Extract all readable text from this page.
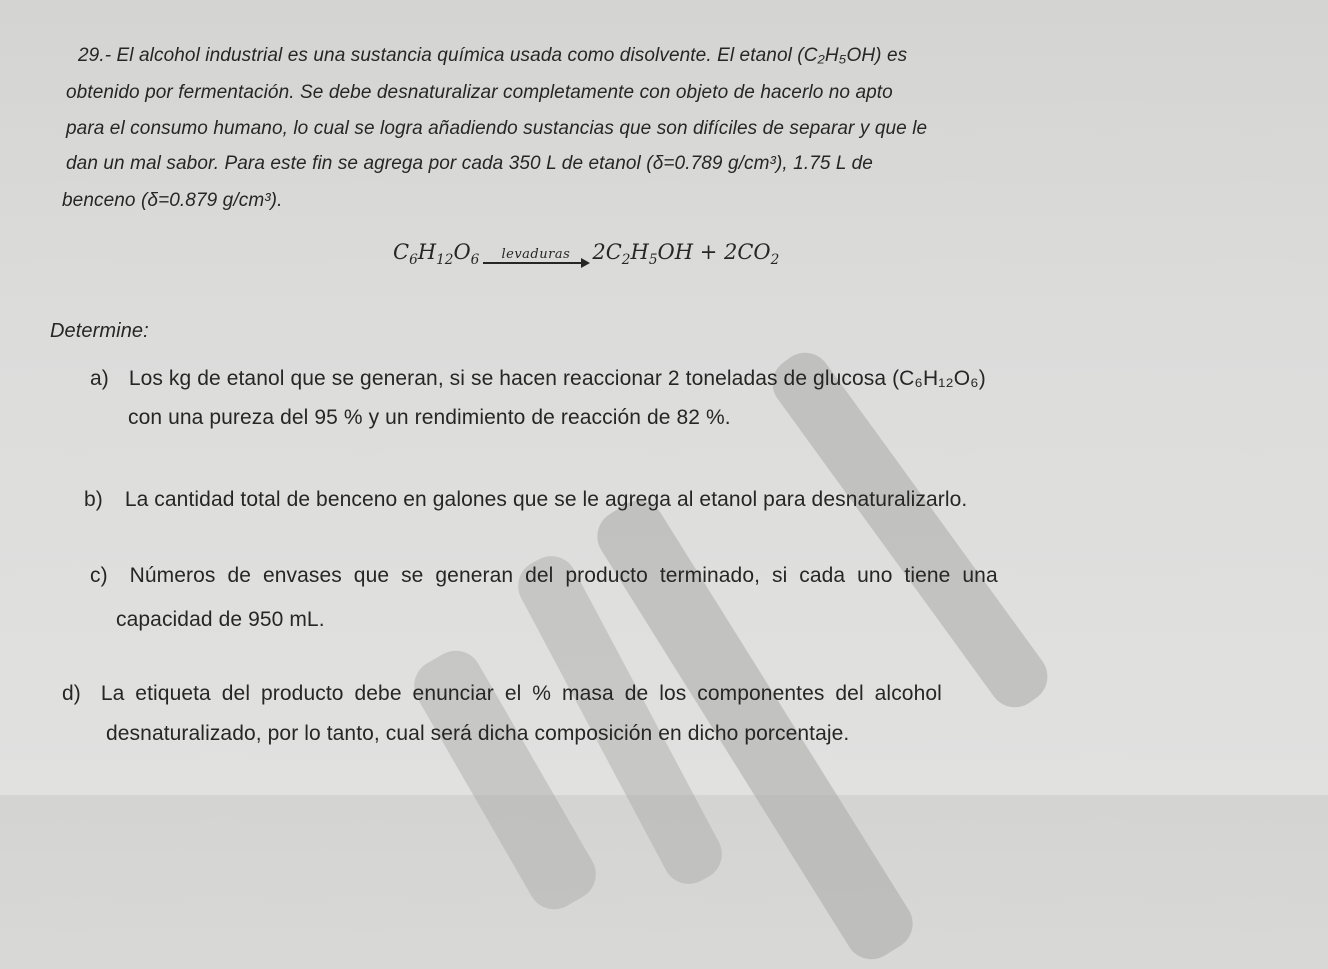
29.- El alcohol industrial es una sustancia química usada como disolvente. El etanol (C₂H₅OH) es
obtenido por fermentación. Se debe desnaturalizar completamente con objeto de hacerlo no apto
para el consumo humano, lo cual se logra añadiendo sustancias que son difíciles de separar y que le
dan un mal sabor. Para este fin se agrega por cada 350 L de etanol (δ=0.789 g/cm³), 1.75 L de
benceno (δ=0.879 g/cm³).
$C_6H_{12}O_6$ levaduras $2C_2H_5OH + 2CO_2$
Determine:
a) Los kg de etanol que se generan, si se hacen reaccionar 2 toneladas de glucosa (C₆H₁₂O₆)
con una pureza del 95 % y un rendimiento de reacción de 82 %.
b) La cantidad total de benceno en galones que se le agrega al etanol para desnaturalizarlo.
c) Números de envases que se generan del producto terminado, si cada uno tiene una
capacidad de 950 mL.
d) La etiqueta del producto debe enunciar el % masa de los componentes del alcohol
desnaturalizado, por lo tanto, cual será dicha composición en dicho porcentaje.
